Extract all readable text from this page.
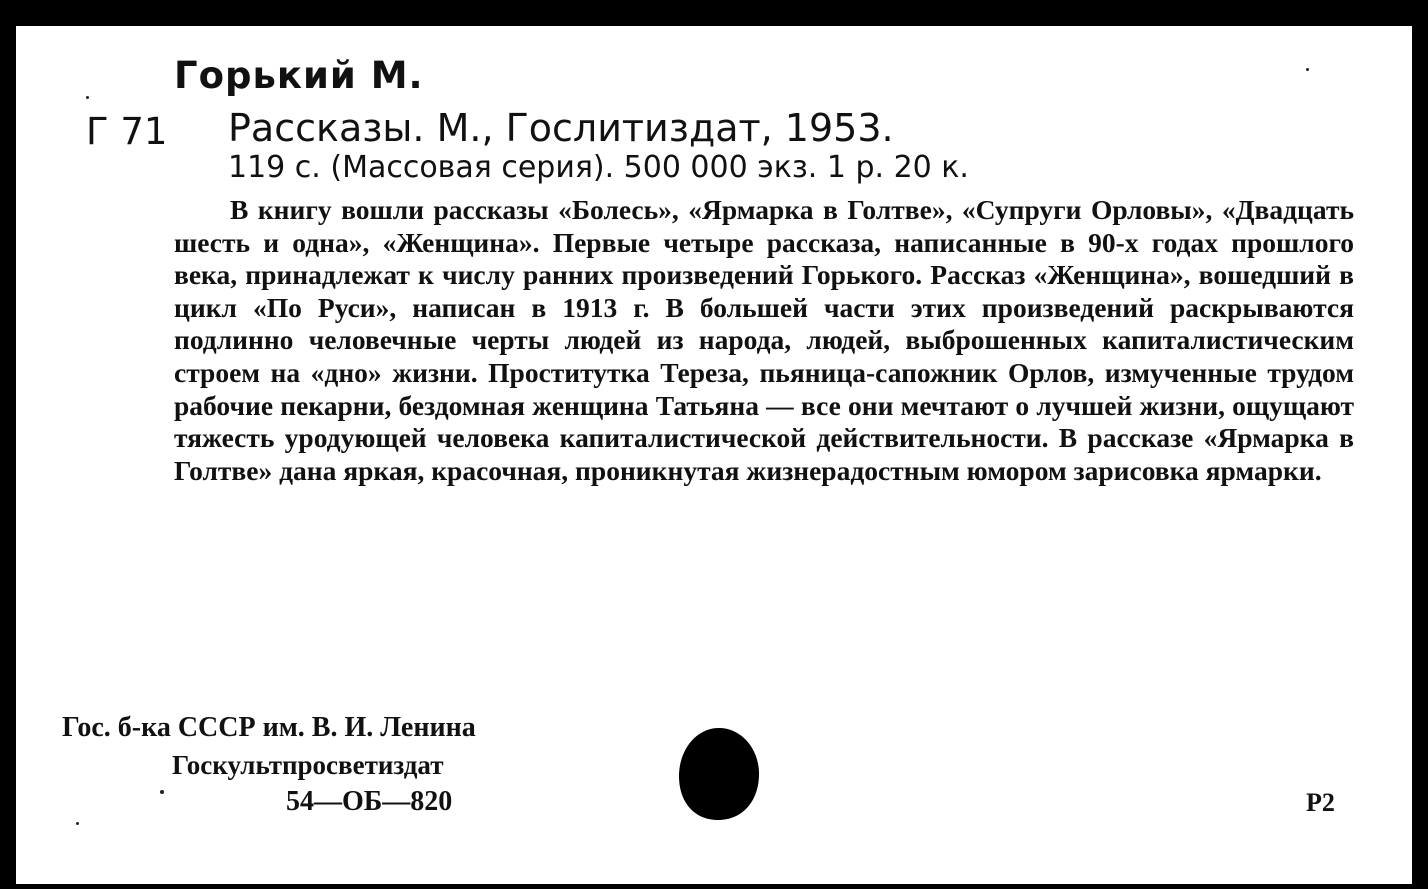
Горький М.
Г 71 Рассказы. М., Гослитиздат, 1953.
119 с. (Массовая серия). 500 000 экз. 1 р. 20 к.

В книгу вошли рассказы «Болесь», «Ярмарка в Голтве», «Супруги Орловы», «Двадцать шесть и одна», «Женщина». Первые четыре рассказа, написанные в 90-х годах прошлого века, принадлежат к числу ранних произведений Горького. Рассказ «Женщина», вошедший в цикл «По Руси», написан в 1913 г. В большей части этих произведений раскрываются подлинно человечные черты людей из народа, людей, выброшенных капиталистическим строем на «дно» жизни. Проститутка Тереза, пьяница-сапожник Орлов, измученные трудом рабочие пекарни, бездомная женщина Татьяна — все они мечтают о лучшей жизни, ощущают тяжесть уродующей человека капиталистической действительности. В рассказе «Ярмарка в Голтве» дана яркая, красочная, проникнутая жизнерадостным юмором зарисовка ярмарки.

Гос. б-ка СССР им. В. И. Ленина
Госкультпросветиздат
54—ОБ—820	Р2
